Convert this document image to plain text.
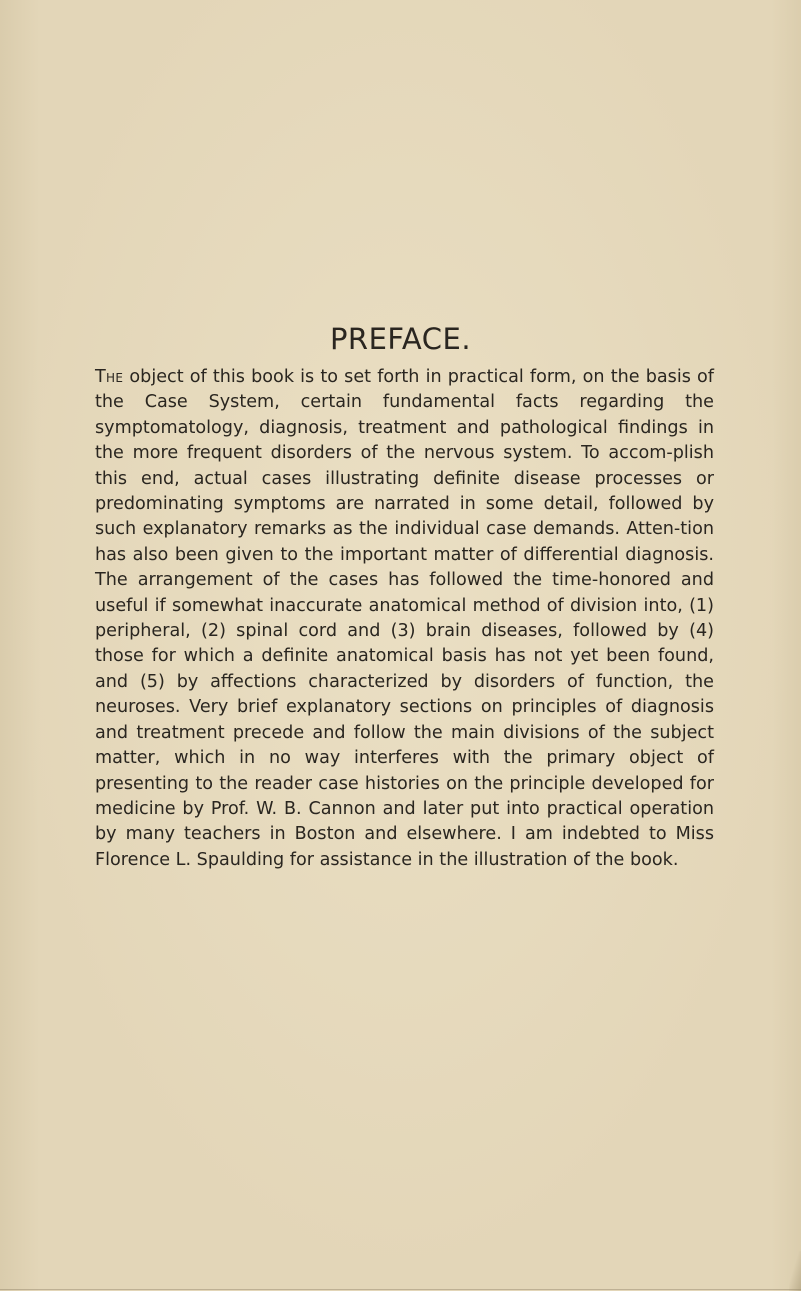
PREFACE.

The object of this book is to set forth in practical form, on the basis of the Case System, certain fundamental facts regarding the symptomatology, diagnosis, treatment and pathological findings in the more frequent disorders of the nervous system. To accom-plish this end, actual cases illustrating definite disease processes or predominating symptoms are narrated in some detail, followed by such explanatory remarks as the individual case demands. Atten-tion has also been given to the important matter of differential diagnosis. The arrangement of the cases has followed the time-honored and useful if somewhat inaccurate anatomical method of division into, (1) peripheral, (2) spinal cord and (3) brain diseases, followed by (4) those for which a definite anatomical basis has not yet been found, and (5) by affections characterized by disorders of function, the neuroses. Very brief explanatory sections on principles of diagnosis and treatment precede and follow the main divisions of the subject matter, which in no way interferes with the primary object of presenting to the reader case histories on the principle developed for medicine by Prof. W. B. Cannon and later put into practical operation by many teachers in Boston and elsewhere. I am indebted to Miss Florence L. Spaulding for assistance in the illustration of the book.
